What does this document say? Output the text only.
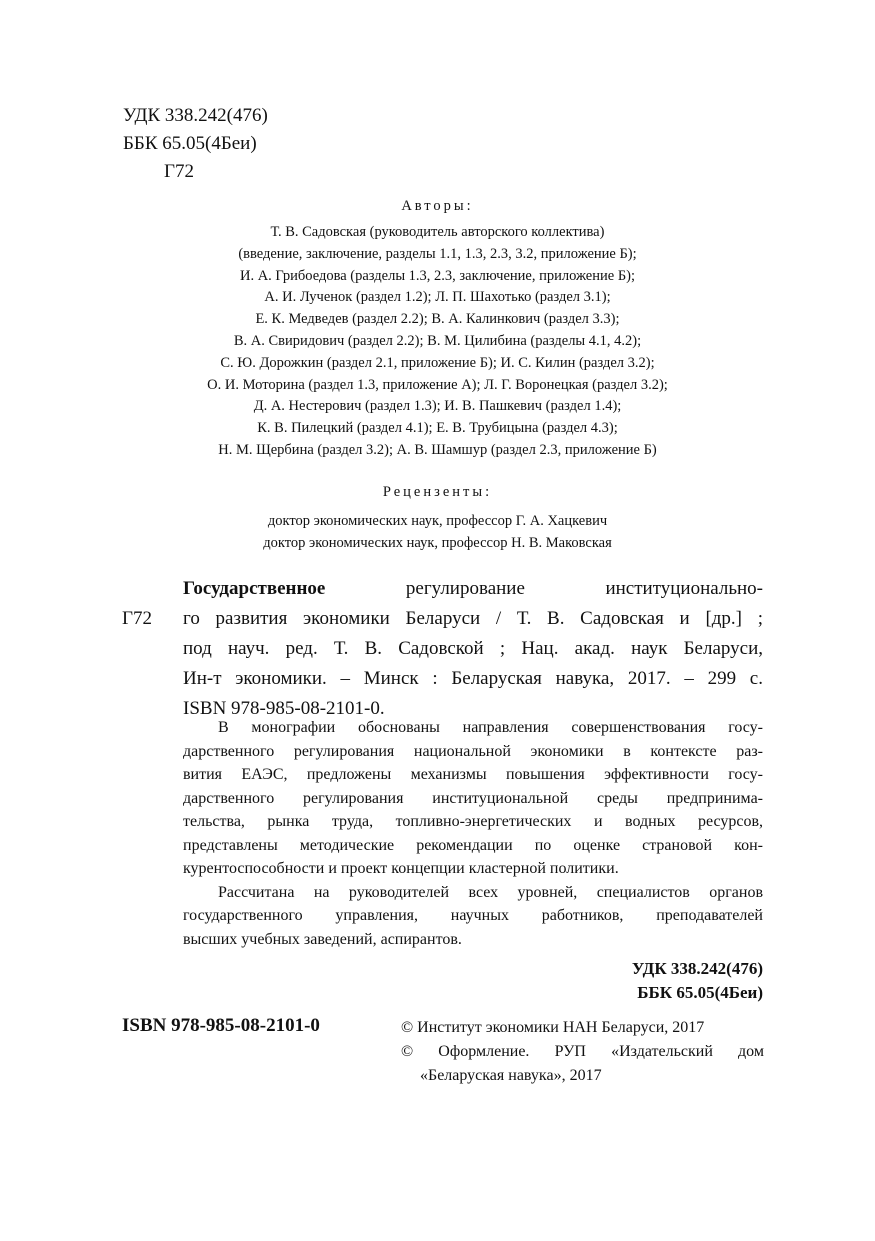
УДК 338.242(476)
ББК 65.05(4Беи)
Г72
Авторы:
Т. В. Садовская (руководитель авторского коллектива)
(введение, заключение, разделы 1.1, 1.3, 2.3, 3.2, приложение Б);
И. А. Грибоедова (разделы 1.3, 2.3, заключение, приложение Б);
А. И. Лученок (раздел 1.2); Л. П. Шахотько (раздел 3.1);
Е. К. Медведев (раздел 2.2); В. А. Калинкович (раздел 3.3);
В. А. Свиридович (раздел 2.2); В. М. Цилибина (разделы 4.1, 4.2);
С. Ю. Дорожкин (раздел 2.1, приложение Б); И. С. Килин (раздел 3.2);
О. И. Моторина (раздел 1.3, приложение А); Л. Г. Воронецкая (раздел 3.2);
Д. А. Нестерович (раздел 1.3); И. В. Пашкевич (раздел 1.4);
К. В. Пилецкий (раздел 4.1); Е. В. Трубицына (раздел 4.3);
Н. М. Щербина (раздел 3.2); А. В. Шамшур (раздел 2.3, приложение Б)
Рецензенты:
доктор экономических наук, профессор Г. А. Хацкевич
доктор экономических наук, профессор Н. В. Маковская
Г72
Государственное регулирование институционально-
го развития экономики Беларуси / Т. В. Садовская и [др.] ;
под науч. ред. Т. В. Садовской ; Нац. акад. наук Беларуси,
Ин-т экономики. – Минск : Беларуская навука, 2017. – 299 с.
ISBN 978-985-08-2101-0.
В монографии обоснованы направления совершенствования госу-
дарственного регулирования национальной экономики в контексте раз-
вития ЕАЭС, предложены механизмы повышения эффективности госу-
дарственного регулирования институциональной среды предпринима-
тельства, рынка труда, топливно-энергетических и водных ресурсов,
представлены методические рекомендации по оценке страновой кон-
курентоспособности и проект концепции кластерной политики.
Рассчитана на руководителей всех уровней, специалистов органов
государственного управления, научных работников, преподавателей
высших учебных заведений, аспирантов.
УДК 338.242(476)
ББК 65.05(4Беи)
ISBN 978-985-08-2101-0	© Институт экономики НАН Беларуси, 2017
© Оформление. РУП «Издательский дом
«Беларуская навука», 2017
